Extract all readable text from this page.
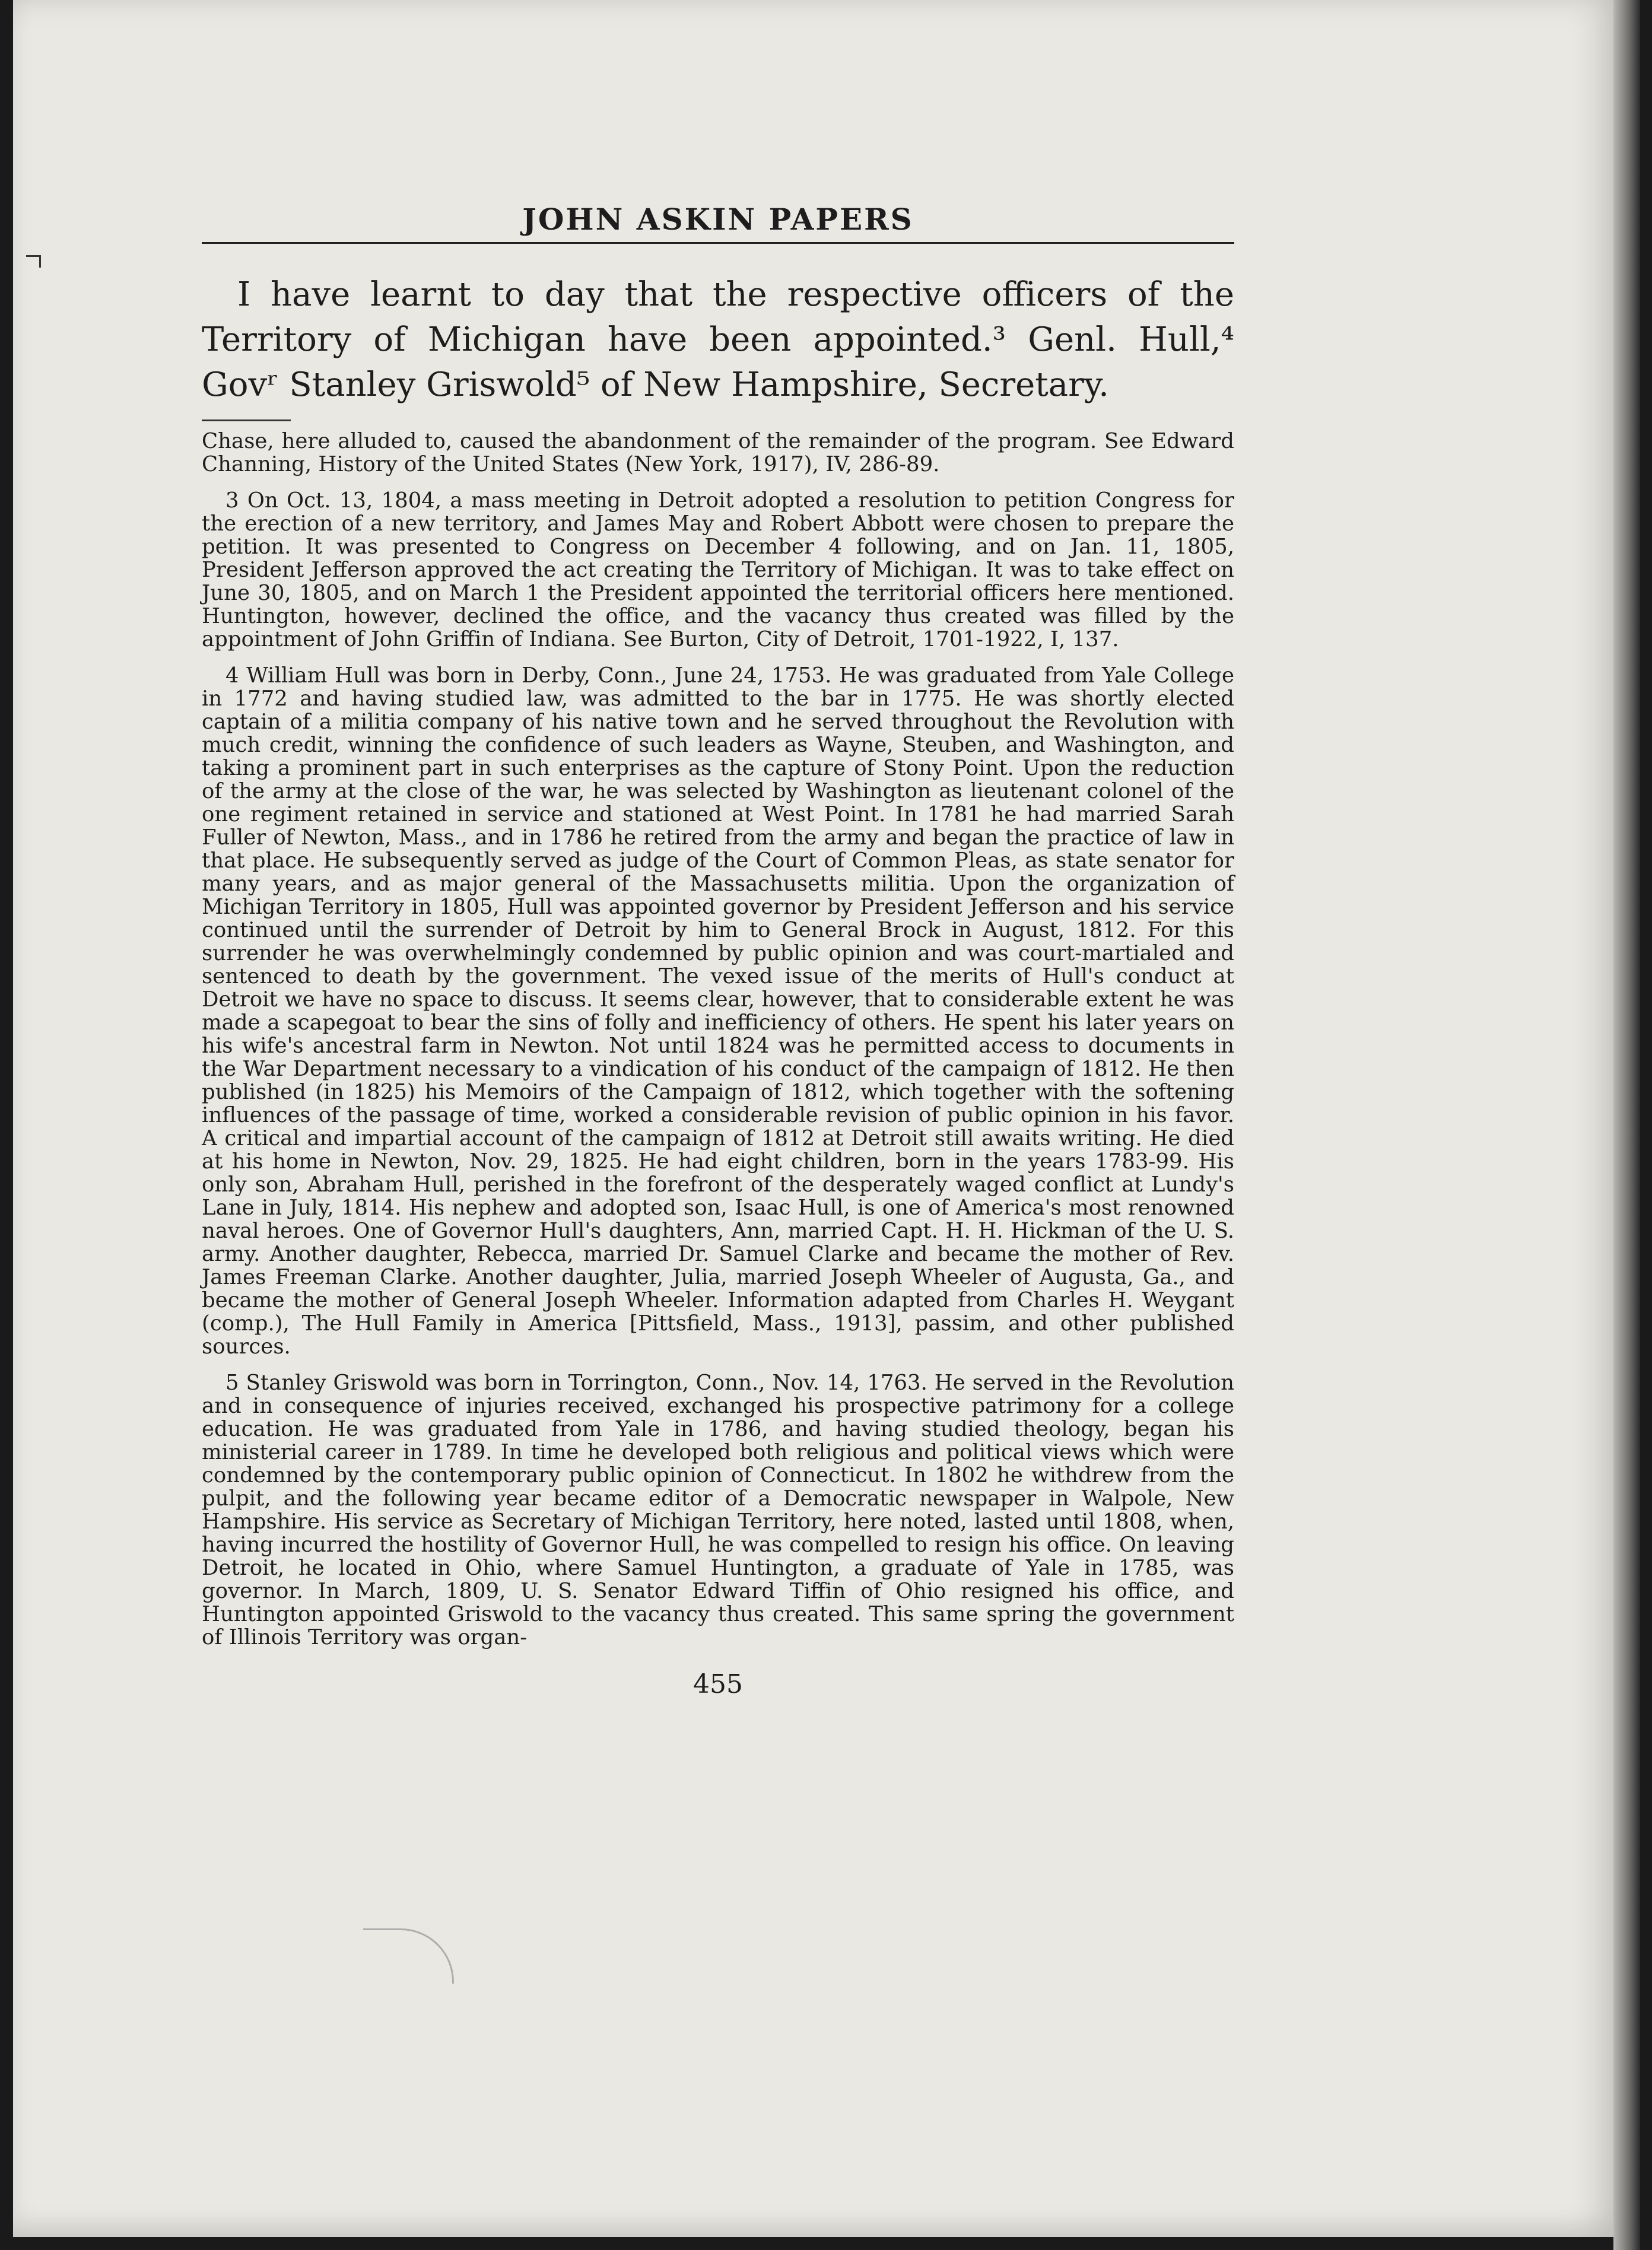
JOHN ASKIN PAPERS

I have learnt to day that the respective officers of the Territory of Michigan have been appointed.³ Genl. Hull,⁴ Govʳ Stanley Griswold⁵ of New Hampshire, Secretary.

Chase, here alluded to, caused the abandonment of the remainder of the program. See Edward Channing, History of the United States (New York, 1917), IV, 286-89.

3 On Oct. 13, 1804, a mass meeting in Detroit adopted a resolution to petition Congress for the erection of a new territory, and James May and Robert Abbott were chosen to prepare the petition. It was presented to Congress on December 4 following, and on Jan. 11, 1805, President Jefferson approved the act creating the Territory of Michigan. It was to take effect on June 30, 1805, and on March 1 the President appointed the territorial officers here mentioned. Huntington, however, declined the office, and the vacancy thus created was filled by the appointment of John Griffin of Indiana. See Burton, City of Detroit, 1701-1922, I, 137.

4 William Hull was born in Derby, Conn., June 24, 1753. He was graduated from Yale College in 1772 and having studied law, was admitted to the bar in 1775. He was shortly elected captain of a militia company of his native town and he served throughout the Revolution with much credit, winning the confidence of such leaders as Wayne, Steuben, and Washington, and taking a prominent part in such enterprises as the capture of Stony Point. Upon the reduction of the army at the close of the war, he was selected by Washington as lieutenant colonel of the one regiment retained in service and stationed at West Point. In 1781 he had married Sarah Fuller of Newton, Mass., and in 1786 he retired from the army and began the practice of law in that place. He subsequently served as judge of the Court of Common Pleas, as state senator for many years, and as major general of the Massachusetts militia. Upon the organization of Michigan Territory in 1805, Hull was appointed governor by President Jefferson and his service continued until the surrender of Detroit by him to General Brock in August, 1812. For this surrender he was overwhelmingly condemned by public opinion and was court-martialed and sentenced to death by the government. The vexed issue of the merits of Hull's conduct at Detroit we have no space to discuss. It seems clear, however, that to considerable extent he was made a scapegoat to bear the sins of folly and inefficiency of others. He spent his later years on his wife's ancestral farm in Newton. Not until 1824 was he permitted access to documents in the War Department necessary to a vindication of his conduct of the campaign of 1812. He then published (in 1825) his Memoirs of the Campaign of 1812, which together with the softening influences of the passage of time, worked a considerable revision of public opinion in his favor. A critical and impartial account of the campaign of 1812 at Detroit still awaits writing. He died at his home in Newton, Nov. 29, 1825. He had eight children, born in the years 1783-99. His only son, Abraham Hull, perished in the forefront of the desperately waged conflict at Lundy's Lane in July, 1814. His nephew and adopted son, Isaac Hull, is one of America's most renowned naval heroes. One of Governor Hull's daughters, Ann, married Capt. H. H. Hickman of the U. S. army. Another daughter, Rebecca, married Dr. Samuel Clarke and became the mother of Rev. James Freeman Clarke. Another daughter, Julia, married Joseph Wheeler of Augusta, Ga., and became the mother of General Joseph Wheeler. Information adapted from Charles H. Weygant (comp.), The Hull Family in America [Pittsfield, Mass., 1913], passim, and other published sources.

5 Stanley Griswold was born in Torrington, Conn., Nov. 14, 1763. He served in the Revolution and in consequence of injuries received, exchanged his prospective patrimony for a college education. He was graduated from Yale in 1786, and having studied theology, began his ministerial career in 1789. In time he developed both religious and political views which were condemned by the contemporary public opinion of Connecticut. In 1802 he withdrew from the pulpit, and the following year became editor of a Democratic newspaper in Walpole, New Hampshire. His service as Secretary of Michigan Territory, here noted, lasted until 1808, when, having incurred the hostility of Governor Hull, he was compelled to resign his office. On leaving Detroit, he located in Ohio, where Samuel Huntington, a graduate of Yale in 1785, was governor. In March, 1809, U. S. Senator Edward Tiffin of Ohio resigned his office, and Huntington appointed Griswold to the vacancy thus created. This same spring the government of Illinois Territory was organ-

455
